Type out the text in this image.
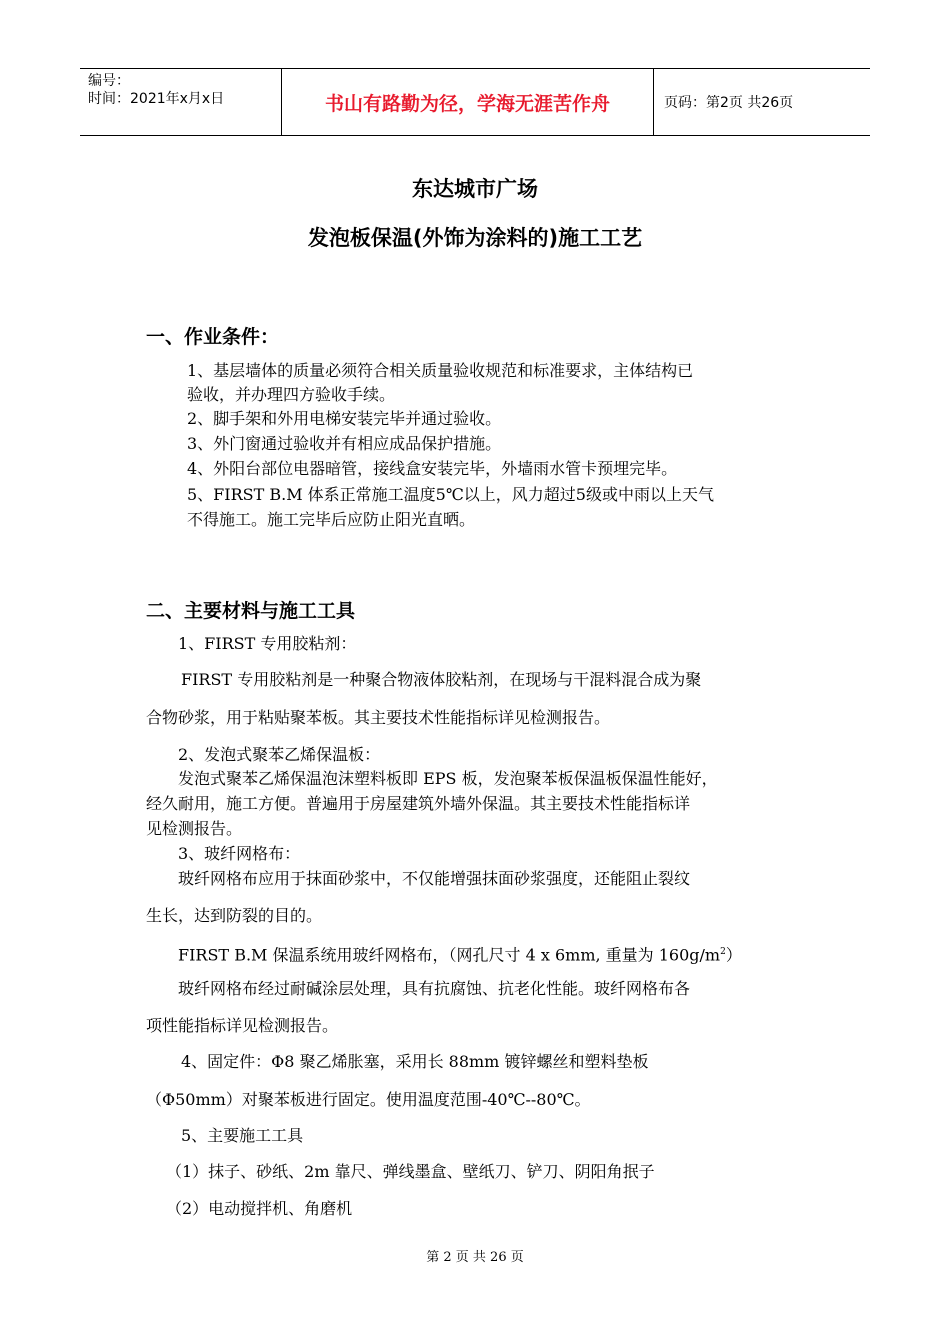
编号：
时间：2021年x月x日	书山有路勤为径，学海无涯苦作舟	页码：第2页 共26页
东达城市广场
发泡板保温(外饰为涂料的)施工工艺
一、作业条件：
1、基层墙体的质量必须符合相关质量验收规范和标准要求，主体结构已
验收，并办理四方验收手续。
2、脚手架和外用电梯安装完毕并通过验收。
3、外门窗通过验收并有相应成品保护措施。
4、外阳台部位电器暗管，接线盒安装完毕，外墙雨水管卡预埋完毕。
5、FIRST B.M 体系正常施工温度5℃以上，风力超过5级或中雨以上天气
不得施工。施工完毕后应防止阳光直晒。
二、主要材料与施工工具
1、FIRST 专用胶粘剂：
FIRST 专用胶粘剂是一种聚合物液体胶粘剂，在现场与干混料混合成为聚
合物砂浆，用于粘贴聚苯板。其主要技术性能指标详见检测报告。
2、发泡式聚苯乙烯保温板：
发泡式聚苯乙烯保温泡沫塑料板即 EPS 板，发泡聚苯板保温板保温性能好，
经久耐用，施工方便。普遍用于房屋建筑外墙外保温。其主要技术性能指标详
见检测报告。
3、玻纤网格布：
玻纤网格布应用于抹面砂浆中，不仅能增强抹面砂浆强度，还能阻止裂纹
生长，达到防裂的目的。
FIRST B.M 保温系统用玻纤网格布，（网孔尺寸 4 x 6mm, 重量为 $160g/m^2$）
玻纤网格布经过耐碱涂层处理，具有抗腐蚀、抗老化性能。玻纤网格布各
项性能指标详见检测报告。
4、固定件：Φ8 聚乙烯胀塞，采用长 88mm 镀锌螺丝和塑料垫板
（Φ50mm）对聚苯板进行固定。使用温度范围-40℃--80℃。
5、主要施工工具
（1）抹子、砂纸、2m 靠尺、弹线墨盒、壁纸刀、铲刀、阴阳角抿子
（2）电动搅拌机、角磨机
第 2 页 共 26 页
